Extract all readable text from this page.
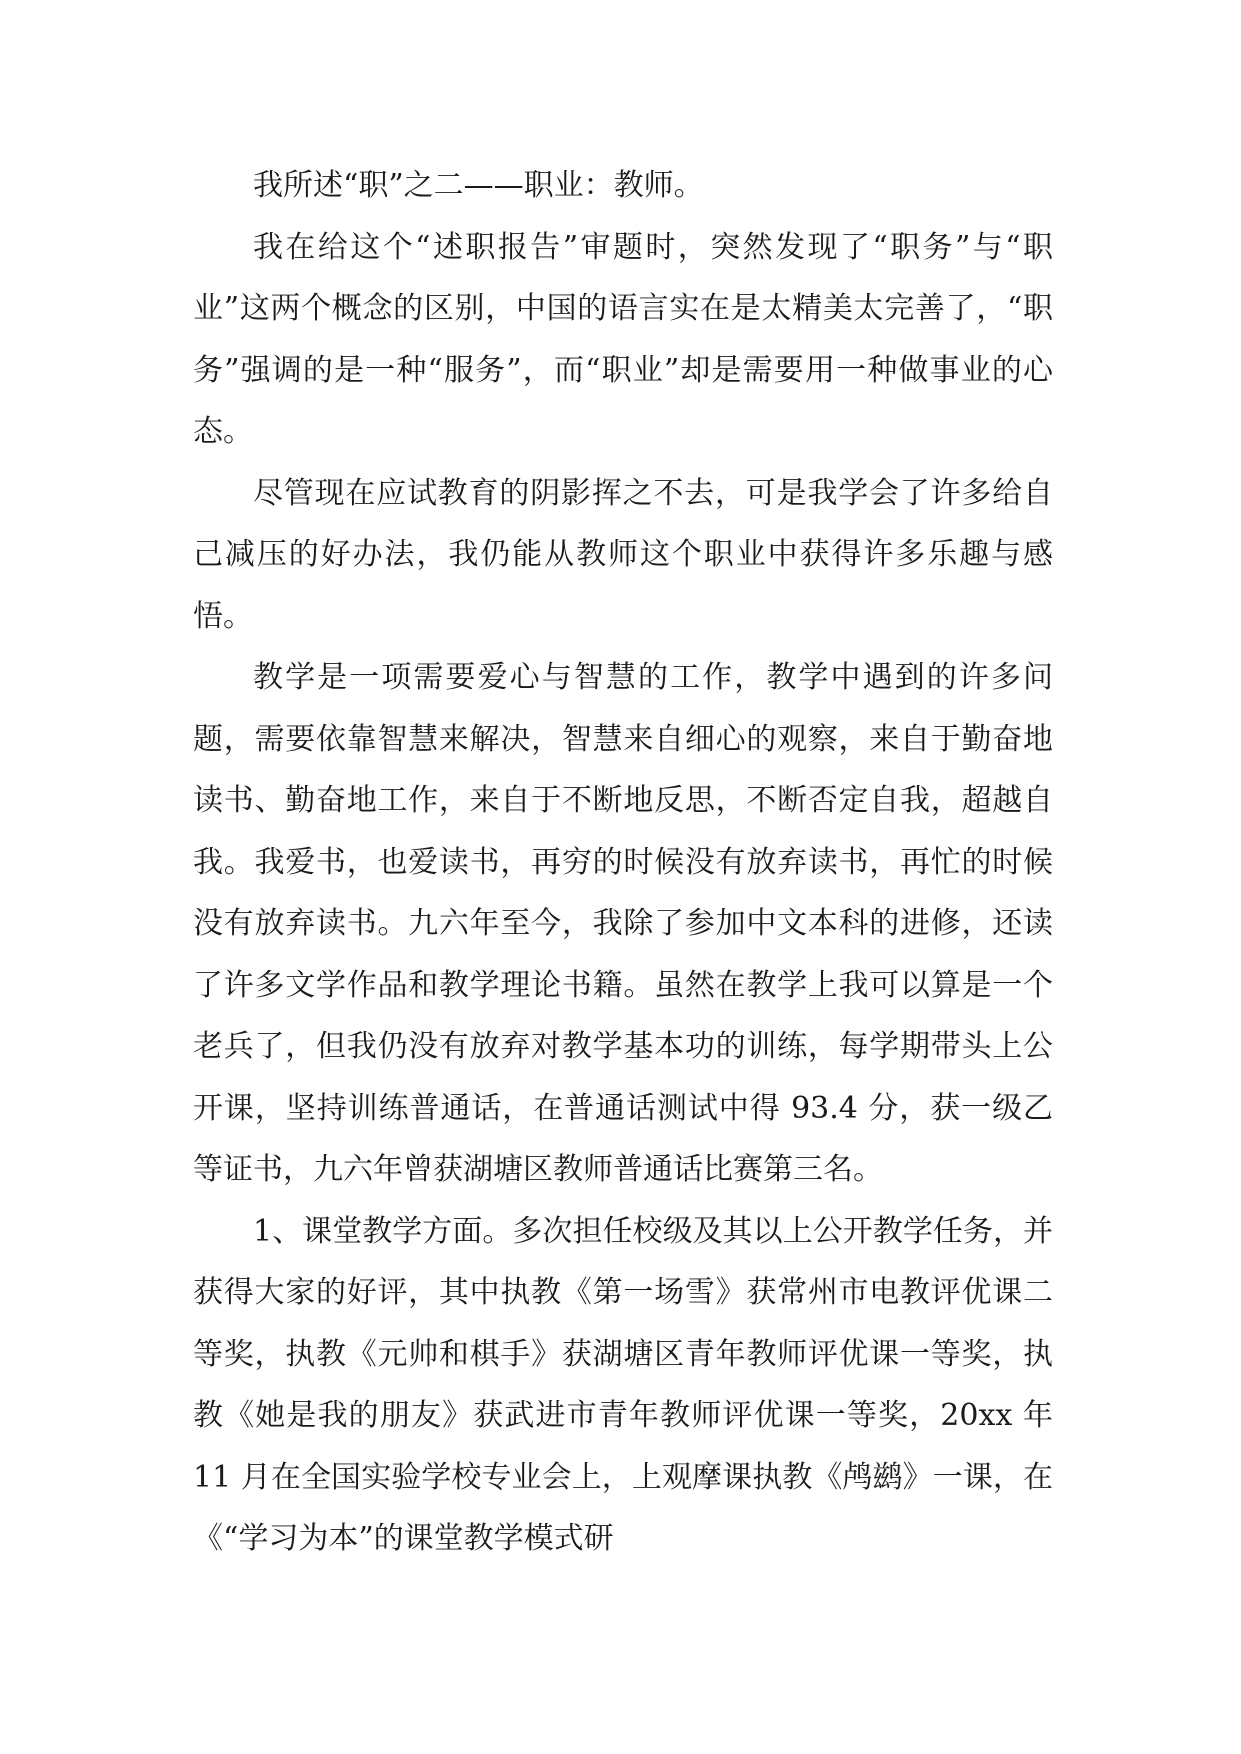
我所述“职”之二——职业：教师。

我在给这个“述职报告”审题时，突然发现了“职务”与“职业”这两个概念的区别，中国的语言实在是太精美太完善了，“职务”强调的是一种“服务”，而“职业”却是需要用一种做事业的心态。

尽管现在应试教育的阴影挥之不去，可是我学会了许多给自己减压的好办法，我仍能从教师这个职业中获得许多乐趣与感悟。

教学是一项需要爱心与智慧的工作，教学中遇到的许多问题，需要依靠智慧来解决，智慧来自细心的观察，来自于勤奋地读书、勤奋地工作，来自于不断地反思，不断否定自我，超越自我。我爱书，也爱读书，再穷的时候没有放弃读书，再忙的时候没有放弃读书。九六年至今，我除了参加中文本科的进修，还读了许多文学作品和教学理论书籍。虽然在教学上我可以算是一个老兵了，但我仍没有放弃对教学基本功的训练，每学期带头上公开课，坚持训练普通话，在普通话测试中得 93.4 分，获一级乙等证书，九六年曾获湖塘区教师普通话比赛第三名。

1、课堂教学方面。多次担任校级及其以上公开教学任务，并获得大家的好评，其中执教《第一场雪》获常州市电教评优课二等奖，执教《元帅和棋手》获湖塘区青年教师评优课一等奖，执教《她是我的朋友》获武进市青年教师评优课一等奖，20xx 年 11 月在全国实验学校专业会上，上观摩课执教《鸬鹚》一课，在《“学习为本”的课堂教学模式研
